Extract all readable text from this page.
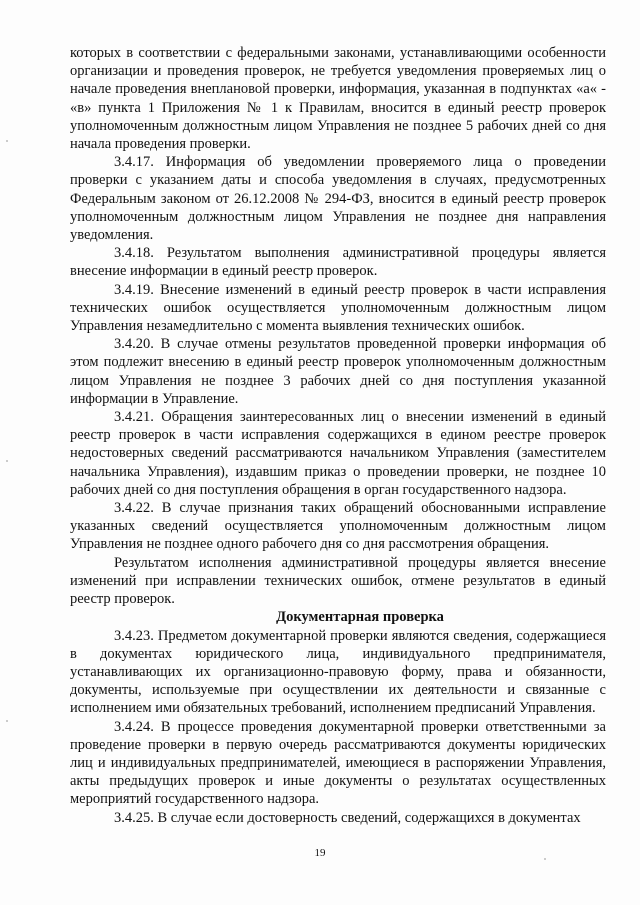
которых в соответствии с федеральными законами, устанавливающими особенности организации и проведения проверок, не требуется уведомления проверяемых лиц о начале проведения внеплановой проверки, информация, указанная в подпунктах «а« - «в» пункта 1 Приложения № 1 к Правилам, вносится в единый реестр проверок уполномоченным должностным лицом Управления не позднее 5 рабочих дней со дня начала проведения проверки.

3.4.17. Информация об уведомлении проверяемого лица о проведении проверки с указанием даты и способа уведомления в случаях, предусмотренных Федеральным законом от 26.12.2008 № 294-ФЗ, вносится в единый реестр проверок уполномоченным должностным лицом Управления не позднее дня направления уведомления.

3.4.18. Результатом выполнения административной процедуры является внесение информации в единый реестр проверок.

3.4.19. Внесение изменений в единый реестр проверок в части исправления технических ошибок осуществляется уполномоченным должностным лицом Управления незамедлительно с момента выявления технических ошибок.

3.4.20. В случае отмены результатов проведенной проверки информация об этом подлежит внесению в единый реестр проверок уполномоченным должностным лицом Управления не позднее 3 рабочих дней со дня поступления указанной информации в Управление.

3.4.21. Обращения заинтересованных лиц о внесении изменений в единый реестр проверок в части исправления содержащихся в едином реестре проверок недостоверных сведений рассматриваются начальником Управления (заместителем начальника Управления), издавшим приказ о проведении проверки, не позднее 10 рабочих дней со дня поступления обращения в орган государственного надзора.

3.4.22. В случае признания таких обращений обоснованными исправление указанных сведений осуществляется уполномоченным должностным лицом Управления не позднее одного рабочего дня со дня рассмотрения обращения.

Результатом исполнения административной процедуры является внесение изменений при исправлении технических ошибок, отмене результатов в единый реестр проверок.

Документарная проверка

3.4.23. Предметом документарной проверки являются сведения, содержащиеся в документах юридического лица, индивидуального предпринимателя, устанавливающих их организационно-правовую форму, права и обязанности, документы, используемые при осуществлении их деятельности и связанные с исполнением ими обязательных требований, исполнением предписаний Управления.

3.4.24. В процессе проведения документарной проверки ответственными за проведение проверки в первую очередь рассматриваются документы юридических лиц и индивидуальных предпринимателей, имеющиеся в распоряжении Управления, акты предыдущих проверок и иные документы о результатах осуществленных мероприятий государственного надзора.

3.4.25. В случае если достоверность сведений, содержащихся в документах

19
